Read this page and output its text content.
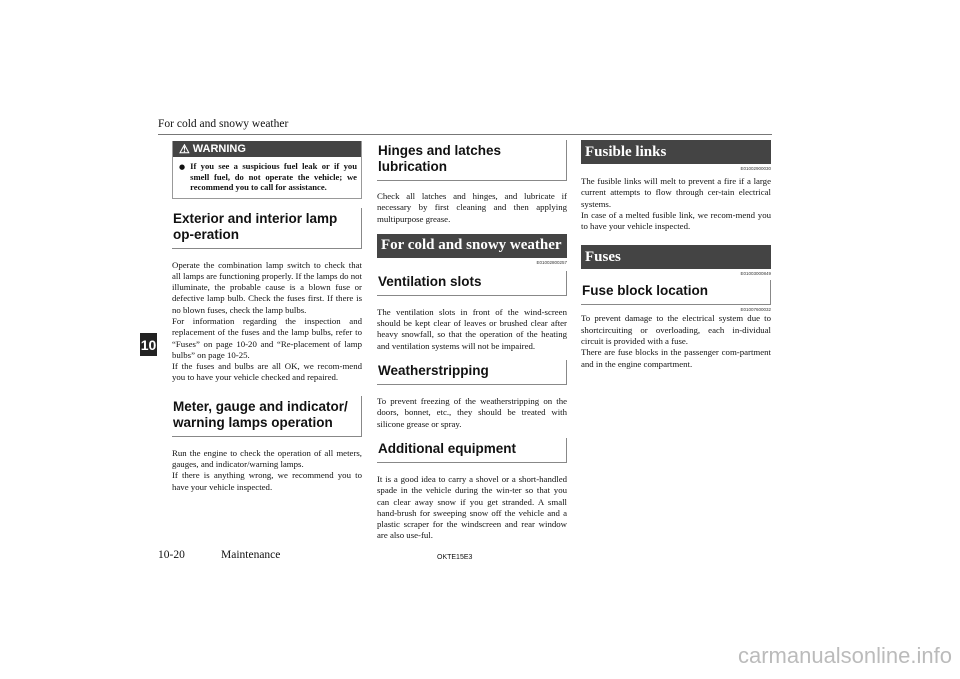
For cold and snowy weather
10
⚠ WARNING
● If you see a suspicious fuel leak or if you smell fuel, do not operate the vehicle; we recommend you to call for assistance.
Exterior and interior lamp op-eration

Operate the combination lamp switch to check that all lamps are functioning properly. If the lamps do not illuminate, the probable cause is a blown fuse or defective lamp bulb. Check the fuses first. If there is no blown fuses, check the lamp bulbs.

For information regarding the inspection and replacement of the fuses and the lamp bulbs, refer to “Fuses” on page 10-20 and “Re-placement of lamp bulbs” on page 10-25.

If the fuses and bulbs are all OK, we recom-mend you to have your vehicle checked and repaired.

Meter, gauge and indicator/ warning lamps operation

Run the engine to check the operation of all meters, gauges, and indicator/warning lamps.

If there is anything wrong, we recommend you to have your vehicle inspected.

Hinges and latches lubrication

Check all latches and hinges, and lubricate if necessary by first cleaning and then applying multipurpose grease.

For cold and snowy weather
E01002800257
Ventilation slots

The ventilation slots in front of the wind-screen should be kept clear of leaves or brushed clear after heavy snowfall, so that the operation of the heating and ventilation systems will not be impaired.

Weatherstripping

To prevent freezing of the weatherstripping on the doors, bonnet, etc., they should be treated with silicone grease or spray.

Additional equipment

It is a good idea to carry a shovel or a short-handled spade in the vehicle during the win-ter so that you can clear away snow if you get stranded. A small hand-brush for sweeping snow off the vehicle and a plastic scraper for the windscreen and rear window are also use-ful.

Fusible links
E01002900030

The fusible links will melt to prevent a fire if a large current attempts to flow through cer-tain electrical systems.

In case of a melted fusible link, we recom-mend you to have your vehicle inspected.

Fuses
E01003000849
Fuse block location
E01007600032

To prevent damage to the electrical system due to shortcircuiting or overloading, each in-dividual circuit is provided with a fuse.

There are fuse blocks in the passenger com-partment and in the engine compartment.

10-20	Maintenance	OKTE15E3
carmanualsonline.info
